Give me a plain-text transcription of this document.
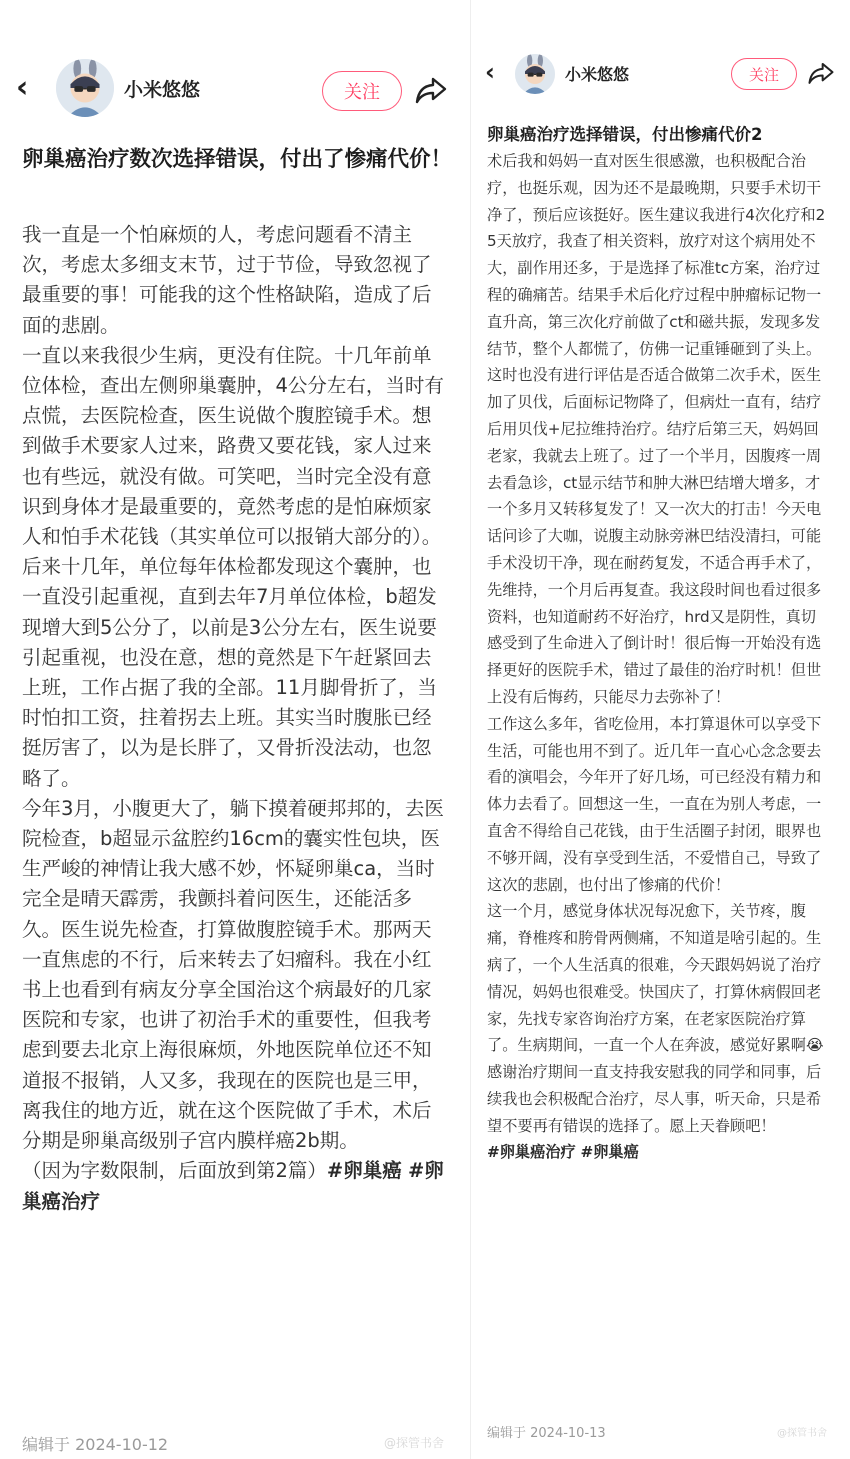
‹	小米悠悠	关注
卵巢癌治疗数次选择错误，付出了惨痛代价！

我一直是一个怕麻烦的人，考虑问题看不清主次，考虑太多细支末节，过于节俭，导致忽视了最重要的事！可能我的这个性格缺陷，造成了后面的悲剧。

一直以来我很少生病，更没有住院。十几年前单位体检，查出左侧卵巢囊肿，4公分左右，当时有点慌，去医院检查，医生说做个腹腔镜手术。想到做手术要家人过来，路费又要花钱，家人过来也有些远，就没有做。可笑吧，当时完全没有意识到身体才是最重要的，竟然考虑的是怕麻烦家人和怕手术花钱（其实单位可以报销大部分的）。后来十几年，单位每年体检都发现这个囊肿，也一直没引起重视，直到去年7月单位体检，b超发现增大到5公分了，以前是3公分左右，医生说要引起重视，也没在意，想的竟然是下午赶紧回去上班，工作占据了我的全部。11月脚骨折了，当时怕扣工资，拄着拐去上班。其实当时腹胀已经挺厉害了，以为是长胖了，又骨折没法动，也忽略了。

今年3月，小腹更大了，躺下摸着硬邦邦的，去医院检查，b超显示盆腔约16cm的囊实性包块，医生严峻的神情让我大感不妙，怀疑卵巢ca，当时完全是晴天霹雳，我颤抖着问医生，还能活多久。医生说先检查，打算做腹腔镜手术。那两天一直焦虑的不行，后来转去了妇瘤科。我在小红书上也看到有病友分享全国治这个病最好的几家医院和专家，也讲了初治手术的重要性，但我考虑到要去北京上海很麻烦，外地医院单位还不知道报不报销，人又多，我现在的医院也是三甲，离我住的地方近，就在这个医院做了手术，术后分期是卵巢高级别子宫内膜样癌2b期。

（因为字数限制，后面放到第2篇）#卵巢癌 #卵巢癌治疗

编辑于 2024-10-12	@探管书舍
‹	小米悠悠	关注
卵巢癌治疗选择错误，付出惨痛代价2

术后我和妈妈一直对医生很感激，也积极配合治疗，也挺乐观，因为还不是最晚期，只要手术切干净了，预后应该挺好。医生建议我进行4次化疗和25天放疗，我查了相关资料，放疗对这个病用处不大，副作用还多，于是选择了标准tc方案，治疗过程的确痛苦。结果手术后化疗过程中肿瘤标记物一直升高，第三次化疗前做了ct和磁共振，发现多发结节，整个人都慌了，仿佛一记重锤砸到了头上。这时也没有进行评估是否适合做第二次手术，医生加了贝伐，后面标记物降了，但病灶一直有，结疗后用贝伐+尼拉维持治疗。结疗后第三天，妈妈回老家，我就去上班了。过了一个半月，因腹疼一周去看急诊，ct显示结节和肿大淋巴结增大增多，才一个多月又转移复发了！又一次大的打击！今天电话问诊了大咖，说腹主动脉旁淋巴结没清扫，可能手术没切干净，现在耐药复发，不适合再手术了，先维持，一个月后再复查。我这段时间也看过很多资料，也知道耐药不好治疗，hrd又是阴性，真切感受到了生命进入了倒计时！很后悔一开始没有选择更好的医院手术，错过了最佳的治疗时机！但世上没有后悔药，只能尽力去弥补了！

工作这么多年，省吃俭用，本打算退休可以享受下生活，可能也用不到了。近几年一直心心念念要去看的演唱会，今年开了好几场，可已经没有精力和体力去看了。回想这一生，一直在为别人考虑，一直舍不得给自己花钱，由于生活圈子封闭，眼界也不够开阔，没有享受到生活，不爱惜自己，导致了这次的悲剧，也付出了惨痛的代价！

这一个月，感觉身体状况每况愈下，关节疼，腹痛，脊椎疼和胯骨两侧痛，不知道是啥引起的。生病了，一个人生活真的很难，今天跟妈妈说了治疗情况，妈妈也很难受。快国庆了，打算休病假回老家，先找专家咨询治疗方案，在老家医院治疗算了。生病期间，一直一个人在奔波，感觉好累啊😭

感谢治疗期间一直支持我安慰我的同学和同事，后续我也会积极配合治疗，尽人事，听天命，只是希望不要再有错误的选择了。愿上天眷顾吧！

#卵巢癌治疗 #卵巢癌

编辑于 2024-10-13	@探管书舍
